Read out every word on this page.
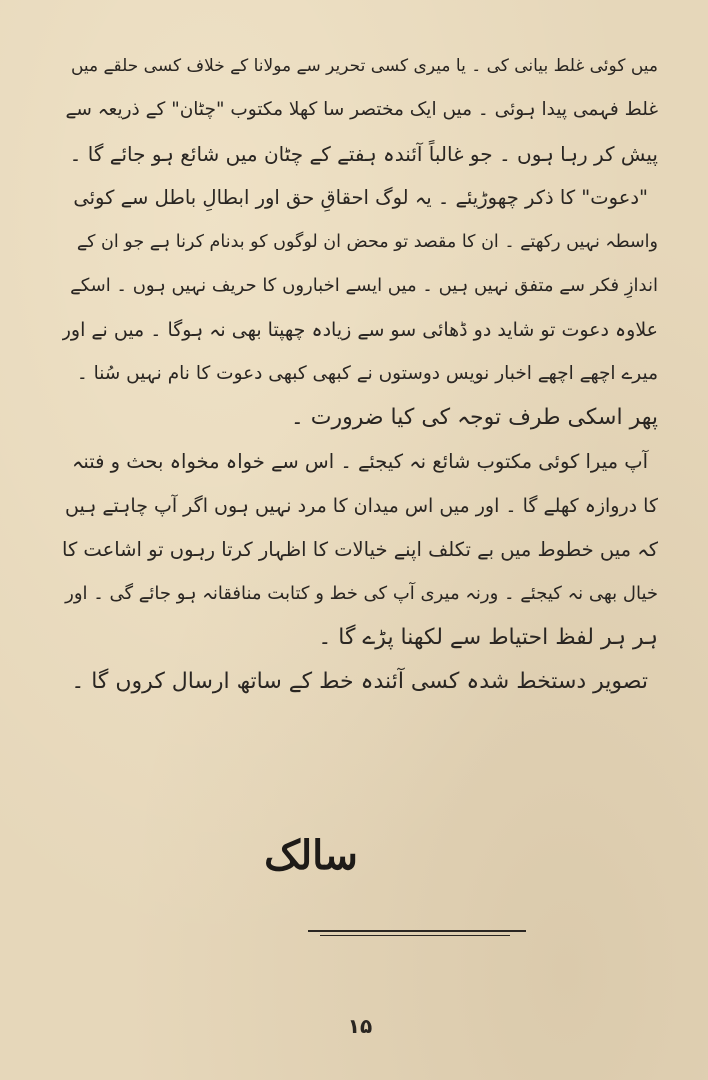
میں کوئی غلط بیانی کی ۔ یا میری کسی تحریر سے مولانا کے خلاف کسی حلقے میں
غلط فہمی پیدا ہوئی ۔ میں ایک مختصر سا کھلا مکتوب "چٹان" کے ذریعہ سے
پیش کر رہا ہوں ۔ جو غالباً آئندہ ہفتے کے چٹان میں شائع ہو جائے گا ۔
"دعوت" کا ذکر چھوڑیئے ۔ یہ لوگ احقاقِ حق اور ابطالِ باطل سے کوئی
واسطہ نہیں رکھتے ۔ ان کا مقصد تو محض ان لوگوں کو بدنام کرنا ہے جو ان کے
اندازِ فکر سے متفق نہیں ہیں ۔ میں ایسے اخباروں کا حریف نہیں ہوں ۔ اسکے
علاوہ دعوت تو شاید دو ڈھائی سو سے زیادہ چھپتا بھی نہ ہوگا ۔ میں نے اور
میرے اچھے اچھے اخبار نویس دوستوں نے کبھی کبھی دعوت کا نام نہیں سُنا ۔
پھر اسکی طرف توجہ کی کیا ضرورت ۔
آپ میرا کوئی مکتوب شائع نہ کیجئے ۔ اس سے خواہ مخواہ بحث و فتنہ
کا دروازہ کھلے گا ۔ اور میں اس میدان کا مرد نہیں ہوں اگر آپ چاہتے ہیں
کہ میں خطوط میں بے تکلف اپنے خیالات کا اظہار کرتا رہوں تو اشاعت کا
خیال بھی نہ کیجئے ۔ ورنہ میری آپ کی خط و کتابت منافقانہ ہو جائے گی ۔ اور
ہر ہر لفظ احتیاط سے لکھنا پڑے گا ۔
تصویر دستخط شدہ کسی آئندہ خط کے ساتھ ارسال کروں گا ۔
سالک
۱۵
